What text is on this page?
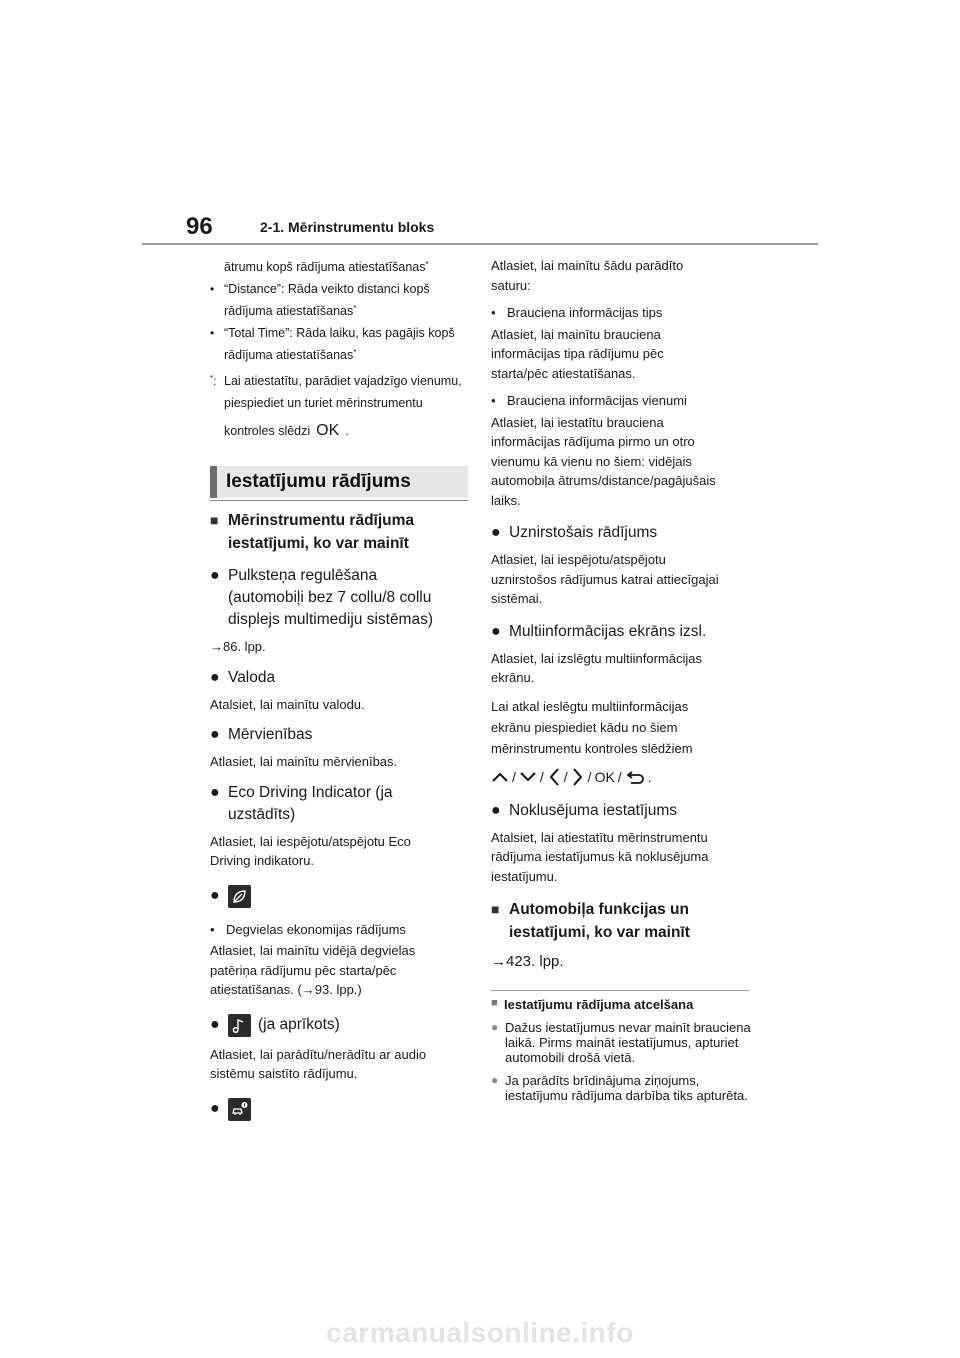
96	2-1. Mērinstrumentu bloks
ātrumu kopš rādījuma atiestatīšanas*
• “Distance”: Rāda veikto distanci kopš
rādījuma atiestatīšanas*
• “Total Time”: Rāda laiku, kas pagājis kopš
rādījuma atiestatīšanas*
*: Lai atiestatītu, parādiet vajadzīgo vienumu,
piespiediet un turiet mērinstrumentu
kontroles slēdzi OK .
Iestatījumu rādījums
■ Mērinstrumentu rādījuma
iestatījumi, ko var mainīt
● Pulksteņa regulēšana
(automobiļi bez 7 collu/8 collu
displejs multimediju sistēmas)
→86. lpp.
● Valoda
Atalsiet, lai mainītu valodu.
● Mērvienības
Atlasiet, lai mainītu mērvienības.
● Eco Driving Indicator (ja
uzstādīts)
Atlasiet, lai iespējotu/atspējotu Eco
Driving indikatoru.
●
• Degvielas ekonomijas rādījums
Atlasiet, lai mainītu vidējā degvielas
patēriņa rādījumu pēc starta/pēc
atiestatīšanas. (→93. lpp.)
●	(ja aprīkots)
Atlasiet, lai parādītu/nerādītu ar audio
sistēmu saistīto rādījumu.
●
Atlasiet, lai mainītu šādu parādīto
saturu:
• Brauciena informācijas tips
Atlasiet, lai mainītu brauciena
informācijas tipa rādījumu pēc
starta/pēc atiestatīšanas.
• Brauciena informācijas vienumi
Atlasiet, lai iestatītu brauciena
informācijas rādījuma pirmo un otro
vienumu kā vienu no šiem: vidējais
automobiļa ātrums/distance/pagājušais
laiks.
● Uznirstošais rādījums
Atlasiet, lai iespējotu/atspējotu
uznirstošos rādījumus katrai attiecīgajai
sistēmai.
● Multiinformācijas ekrāns izsl.
Atlasiet, lai izslēgtu multiinformācijas
ekrānu.
Lai atkal ieslēgtu multiinformācijas
ekrānu piespiediet kādu no šiem
mērinstrumentu kontroles slēdžiem
/ / / / OK / .
● Noklusējuma iestatījums
Atalsiet, lai atiestatītu mērinstrumentu
rādījuma iestatījumus kā noklusējuma
iestatījumu.
■ Automobiļa funkcijas un
iestatījumi, ko var mainīt
→423. lpp.
■ Iestatījumu rādījuma atcelšana
● Dažus iestatījumus nevar mainīt brauciena laikā. Pirms maināt iestatījumus, apturiet automobili drošā vietā.
● Ja parādīts brīdinājuma ziņojums, iestatījumu rādījuma darbība tiks apturēta.
carmanualsonline.info
